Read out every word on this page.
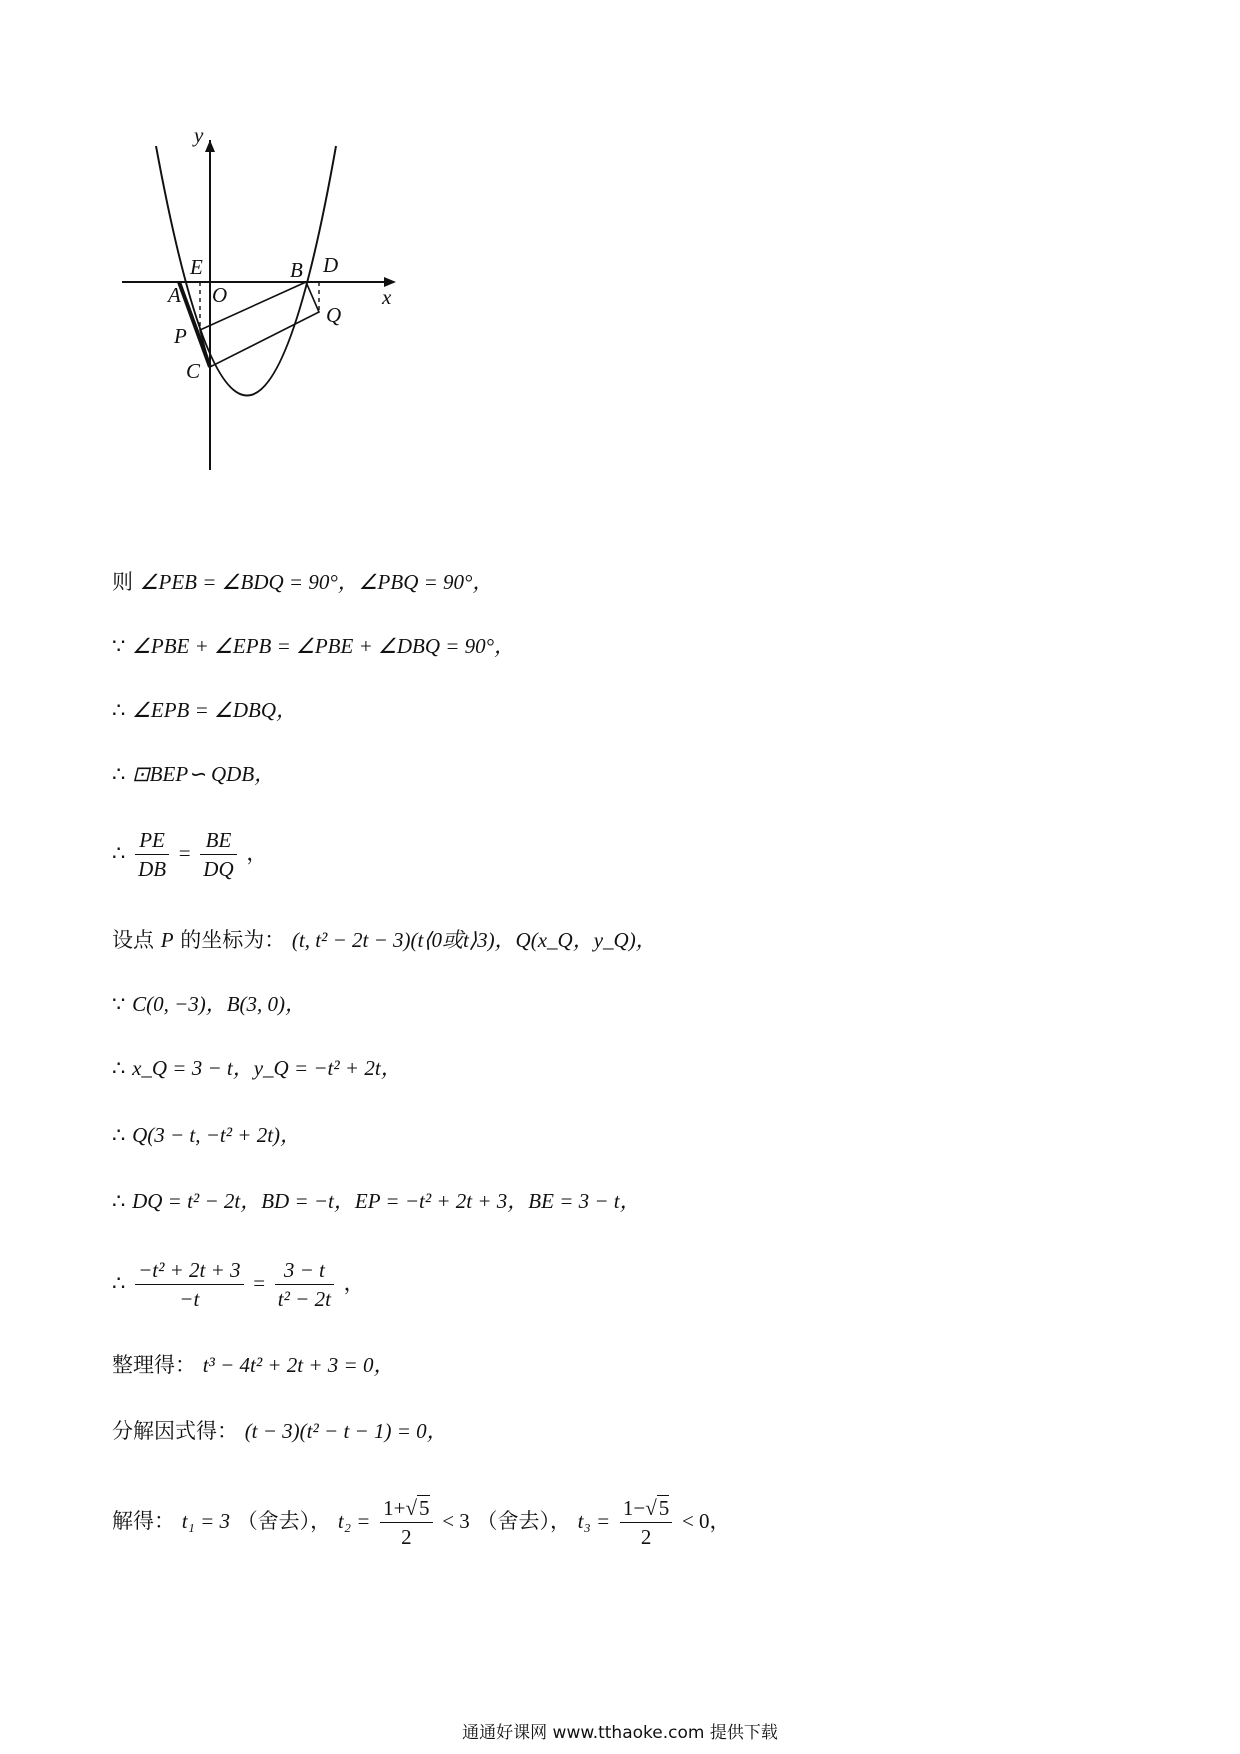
y
x
E
A O
B D
Q
P
C
则 ∠PEB = ∠BDQ = 90°，∠PBQ = 90°，
∵ ∠PBE + ∠EPB = ∠PBE + ∠DBQ = 90°，
∴ ∠EPB = ∠DBQ，
∴ ⊡BEP∽ QDB，
∴ $\frac{PE}{DB} = \frac{BE}{DQ}$ ，
设点 P 的坐标为： (t, t² − 2t − 3)(t⟨0或t⟩3)，Q(x_Q，y_Q)，
∵ C(0, −3)，B(3, 0)，
∴ x_Q = 3 − t，y_Q = −t² + 2t，
∴ Q(3 − t, −t² + 2t)，
∴ DQ = t² − 2t，BD = −t，EP = −t² + 2t + 3，BE = 3 − t，
∴ $\frac{\text{−t² + 2t + 3}}{-t} = \frac{3 - t}{\text{t² − 2t}}$ ，
整理得： t³ − 4t² + 2t + 3 = 0，
分解因式得： (t − 3)(t² − t − 1) = 0，
解得： t₁ = 3 （舍去）， $t_2 = \frac{1+√5}{2} < 3$ （舍去）， $t_3 = \frac{1-√5}{2} < 0$，
通通好课网 www.tthaoke.com 提供下载
